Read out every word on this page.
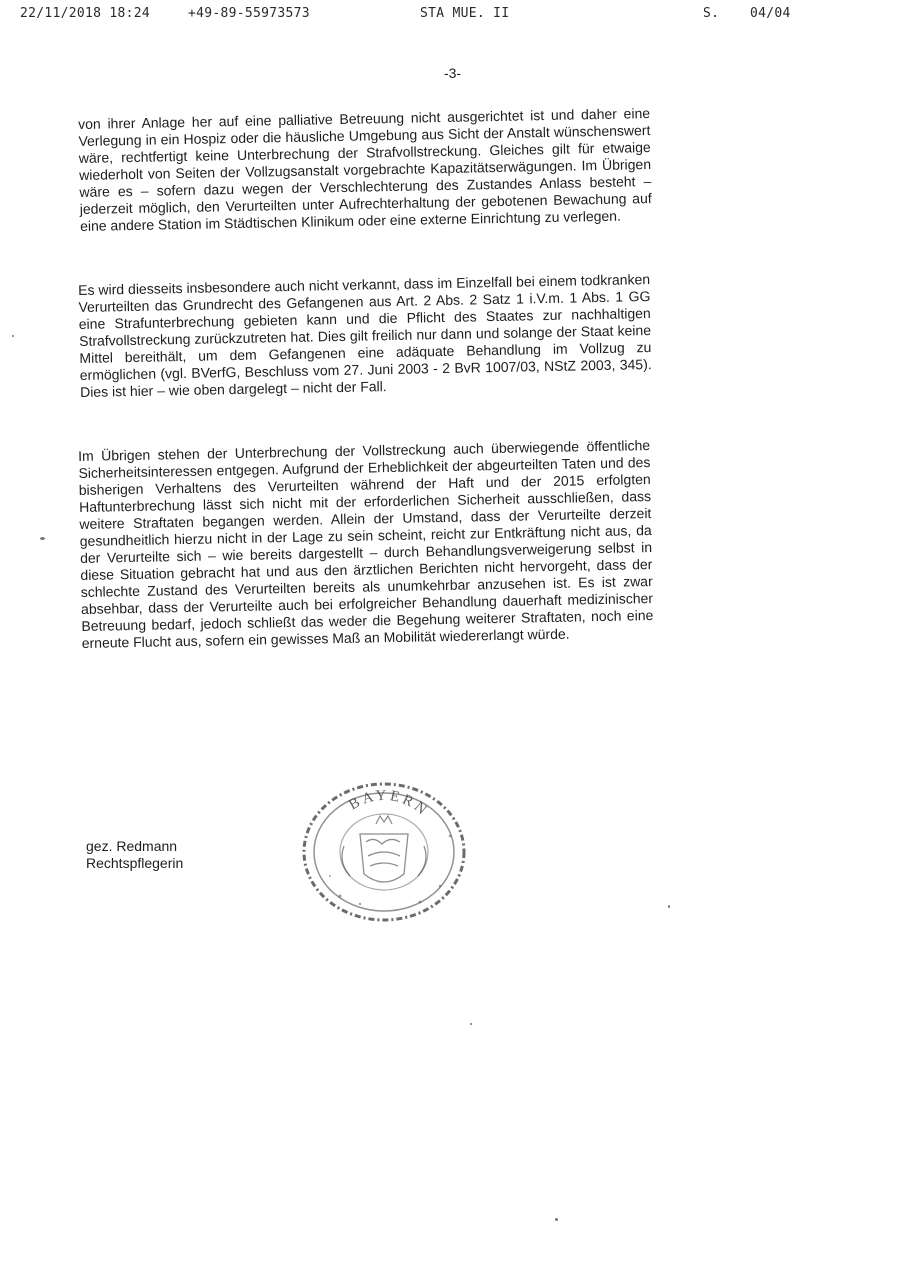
22/11/2018 18:24	+49-89-55973573	STA MUE. II	S. 04/04
-3-

von ihrer Anlage her auf eine palliative Betreuung nicht ausgerichtet ist und daher eine Verlegung in ein Hospiz oder die häusliche Umgebung aus Sicht der Anstalt wünschenswert wäre, rechtfertigt keine Unterbrechung der Strafvollstreckung. Gleiches gilt für etwaige wiederholt von Seiten der Vollzugsanstalt vorgebrachte Kapazitätserwägungen. Im Übrigen wäre es – sofern dazu wegen der Verschlechterung des Zustandes Anlass besteht – jederzeit möglich, den Verurteilten unter Aufrechterhaltung der gebotenen Bewachung auf eine andere Station im Städtischen Klinikum oder eine externe Einrichtung zu verlegen.

Es wird diesseits insbesondere auch nicht verkannt, dass im Einzelfall bei einem todkranken Verurteilten das Grundrecht des Gefangenen aus Art. 2 Abs. 2 Satz 1 i.V.m. 1 Abs. 1 GG eine Strafunterbrechung gebieten kann und die Pflicht des Staates zur nachhaltigen Strafvollstreckung zurückzutreten hat. Dies gilt freilich nur dann und solange der Staat keine Mittel bereithält, um dem Gefangenen eine adäquate Behandlung im Vollzug zu ermöglichen (vgl. BVerfG, Beschluss vom 27. Juni 2003 - 2 BvR 1007/03, NStZ 2003, 345). Dies ist hier – wie oben dargelegt – nicht der Fall.

Im Übrigen stehen der Unterbrechung der Vollstreckung auch überwiegende öffentliche Sicherheitsinteressen entgegen. Aufgrund der Erheblichkeit der abgeurteilten Taten und des bisherigen Verhaltens des Verurteilten während der Haft und der 2015 erfolgten Haftunterbrechung lässt sich nicht mit der erforderlichen Sicherheit ausschließen, dass weitere Straftaten begangen werden. Allein der Umstand, dass der Verurteilte derzeit gesundheitlich hierzu nicht in der Lage zu sein scheint, reicht zur Entkräftung nicht aus, da der Verurteilte sich – wie bereits dargestellt – durch Behandlungsverweigerung selbst in diese Situation gebracht hat und aus den ärztlichen Berichten nicht hervorgeht, dass der schlechte Zustand des Verurteilten bereits als unumkehrbar anzusehen ist. Es ist zwar absehbar, dass der Verurteilte auch bei erfolgreicher Behandlung dauerhaft medizinischer Betreuung bedarf, jedoch schließt das weder die Begehung weiterer Straftaten, noch eine erneute Flucht aus, sofern ein gewisses Maß an Mobilität wiedererlangt würde.

gez. Redmann
Rechtspflegerin
BAYERN
